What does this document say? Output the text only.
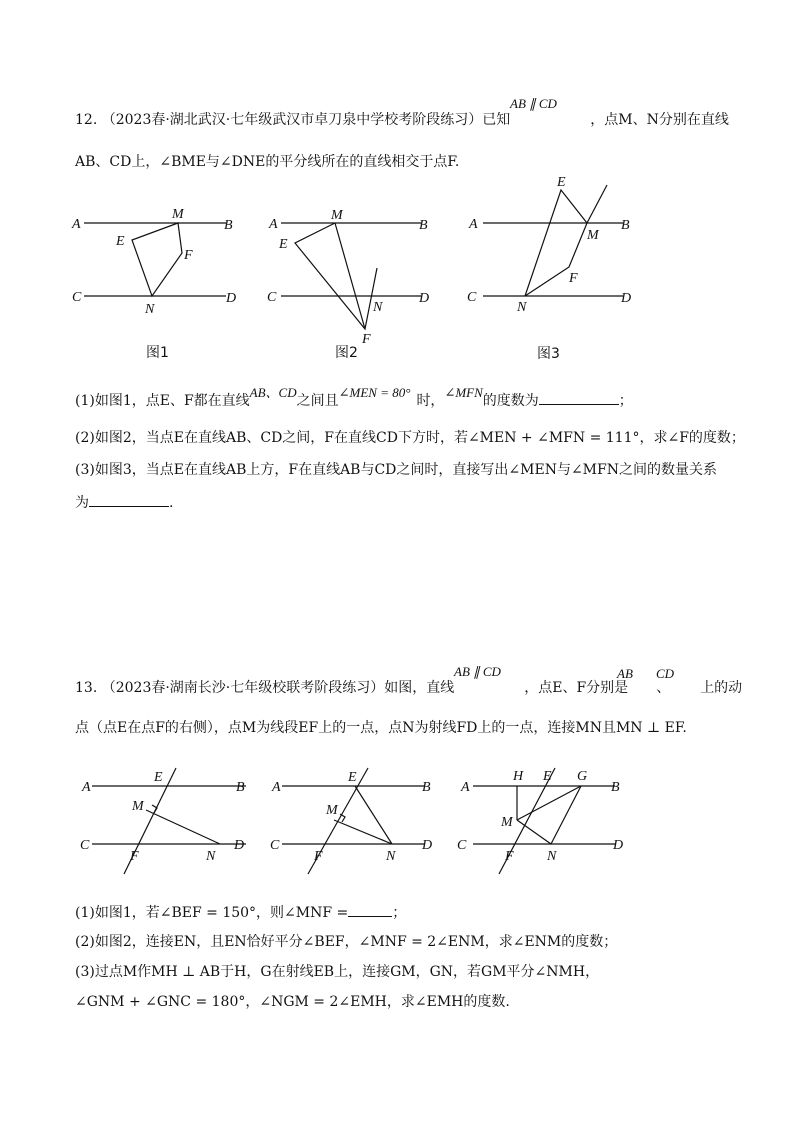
AB ∥ CD
12. （2023春·湖北武汉·七年级武汉市卓刀泉中学校考阶段练习）已知	，点M、N分别在直线
AB、CD上，∠BME与∠DNE的平分线所在的直线相交于点F.
A	B
C	D
M
E
F
N
图1
A	B
C	D
M
E
N
F
图2
A	B
C	D
E
M
F
N
图3
(1)如图1，点E、F都在直线AB、CD之间且∠MEN = 80°时，∠MFN的度数为	；
(2)如图2，当点E在直线AB、CD之间，F在直线CD下方时，若∠MEN + ∠MFN = 111°，求∠F的度数；
(3)如图3，当点E在直线AB上方，F在直线AB与CD之间时，直接写出∠MEN与∠MFN之间的数量关系
为	.
AB ∥ CD	AB CD
13. （2023春·湖南长沙·七年级校联考阶段练习）如图，直线	，点E、F分别是 、 上的动
点（点E在点F的右侧），点M为线段EF上的一点，点N为射线FD上的一点，连接MN且MN ⊥ EF.
A	B
C	D
E
M
F	N
A	B
C	D
E
M
F	N
A	B
C	D
H E G
M
F N
(1)如图1，若∠BEF = 150°，则∠MNF =	；
(2)如图2，连接EN，且EN恰好平分∠BEF，∠MNF = 2∠ENM，求∠ENM的度数；
(3)过点M作MH ⊥ AB于H，G在射线EB上，连接GM，GN，若GM平分∠NMH，
∠GNM + ∠GNC = 180°，∠NGM = 2∠EMH，求∠EMH的度数.
